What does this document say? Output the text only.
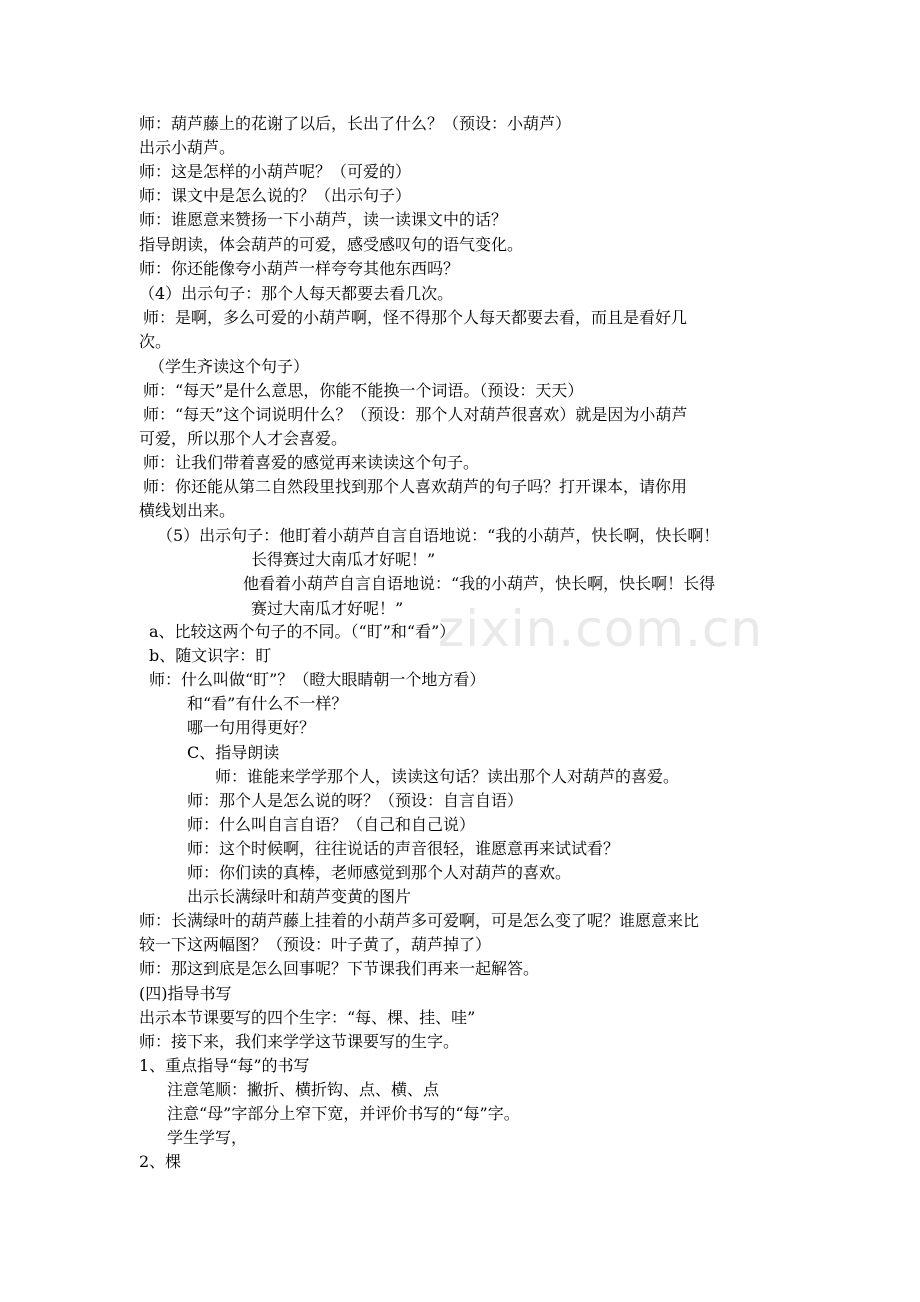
zixin.com.cn
师：葫芦藤上的花谢了以后，长出了什么？（预设：小葫芦）
出示小葫芦。
师：这是怎样的小葫芦呢？（可爱的）
师：课文中是怎么说的？（出示句子）
师：谁愿意来赞扬一下小葫芦，读一读课文中的话？
指导朗读，体会葫芦的可爱，感受感叹句的语气变化。
师：你还能像夸小葫芦一样夸夸其他东西吗？
（4）出示句子：那个人每天都要去看几次。
师：是啊，多么可爱的小葫芦啊，怪不得那个人每天都要去看，而且是看好几
次。
（学生齐读这个句子）
师：“每天”是什么意思，你能不能换一个词语。（预设：天天）
师：“每天”这个词说明什么？（预设：那个人对葫芦很喜欢）就是因为小葫芦
可爱，所以那个人才会喜爱。
师：让我们带着喜爱的感觉再来读读这个句子。
师：你还能从第二自然段里找到那个人喜欢葫芦的句子吗？打开课本，请你用
横线划出来。
（5）出示句子：他盯着小葫芦自言自语地说：“我的小葫芦，快长啊，快长啊！
长得赛过大南瓜才好呢！”
他看着小葫芦自言自语地说：“我的小葫芦，快长啊，快长啊！长得
赛过大南瓜才好呢！”
a、比较这两个句子的不同。（“盯”和“看”）
b、随文识字：盯
师：什么叫做“盯”？（瞪大眼睛朝一个地方看）
和“看”有什么不一样？
哪一句用得更好？
C、指导朗读
师：谁能来学学那个人，读读这句话？读出那个人对葫芦的喜爱。
师：那个人是怎么说的呀？（预设：自言自语）
师：什么叫自言自语？（自己和自己说）
师：这个时候啊，往往说话的声音很轻，谁愿意再来试试看？
师：你们读的真棒，老师感觉到那个人对葫芦的喜欢。
出示长满绿叶和葫芦变黄的图片
师：长满绿叶的葫芦藤上挂着的小葫芦多可爱啊，可是怎么变了呢？谁愿意来比
较一下这两幅图？（预设：叶子黄了，葫芦掉了）
师：那这到底是怎么回事呢？下节课我们再来一起解答。
(四)指导书写
出示本节课要写的四个生字：“每、棵、挂、哇”
师：接下来，我们来学学这节课要写的生字。
1、重点指导“每”的书写
注意笔顺：撇折、横折钩、点、横、点
注意“母”字部分上窄下宽，并评价书写的“每”字。
学生学写，
2、棵
